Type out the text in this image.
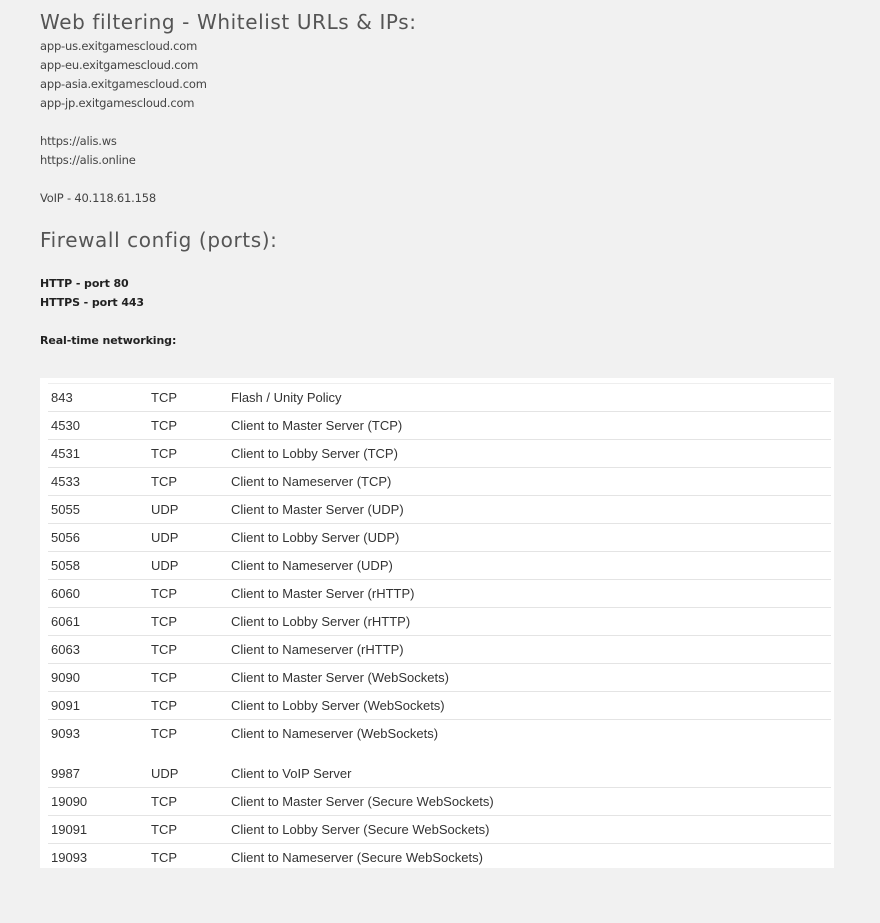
Web filtering - Whitelist URLs & IPs:
app-us.exitgamescloud.com
app-eu.exitgamescloud.com
app-asia.exitgamescloud.com
app-jp.exitgamescloud.com
https://alis.ws
https://alis.online
VoIP - 40.118.61.158
Firewall config (ports):
HTTP - port 80
HTTPS - port 443
Real-time networking:
843	TCP	Flash / Unity Policy
4530	TCP	Client to Master Server (TCP)
4531	TCP	Client to Lobby Server (TCP)
4533	TCP	Client to Nameserver (TCP)
5055	UDP	Client to Master Server (UDP)
5056	UDP	Client to Lobby Server (UDP)
5058	UDP	Client to Nameserver (UDP)
6060	TCP	Client to Master Server (rHTTP)
6061	TCP	Client to Lobby Server (rHTTP)
6063	TCP	Client to Nameserver (rHTTP)
9090	TCP	Client to Master Server (WebSockets)
9091	TCP	Client to Lobby Server (WebSockets)
9093	TCP	Client to Nameserver (WebSockets)
9987	UDP	Client to VoIP Server
19090	TCP	Client to Master Server (Secure WebSockets)
19091	TCP	Client to Lobby Server (Secure WebSockets)
19093	TCP	Client to Nameserver (Secure WebSockets)
